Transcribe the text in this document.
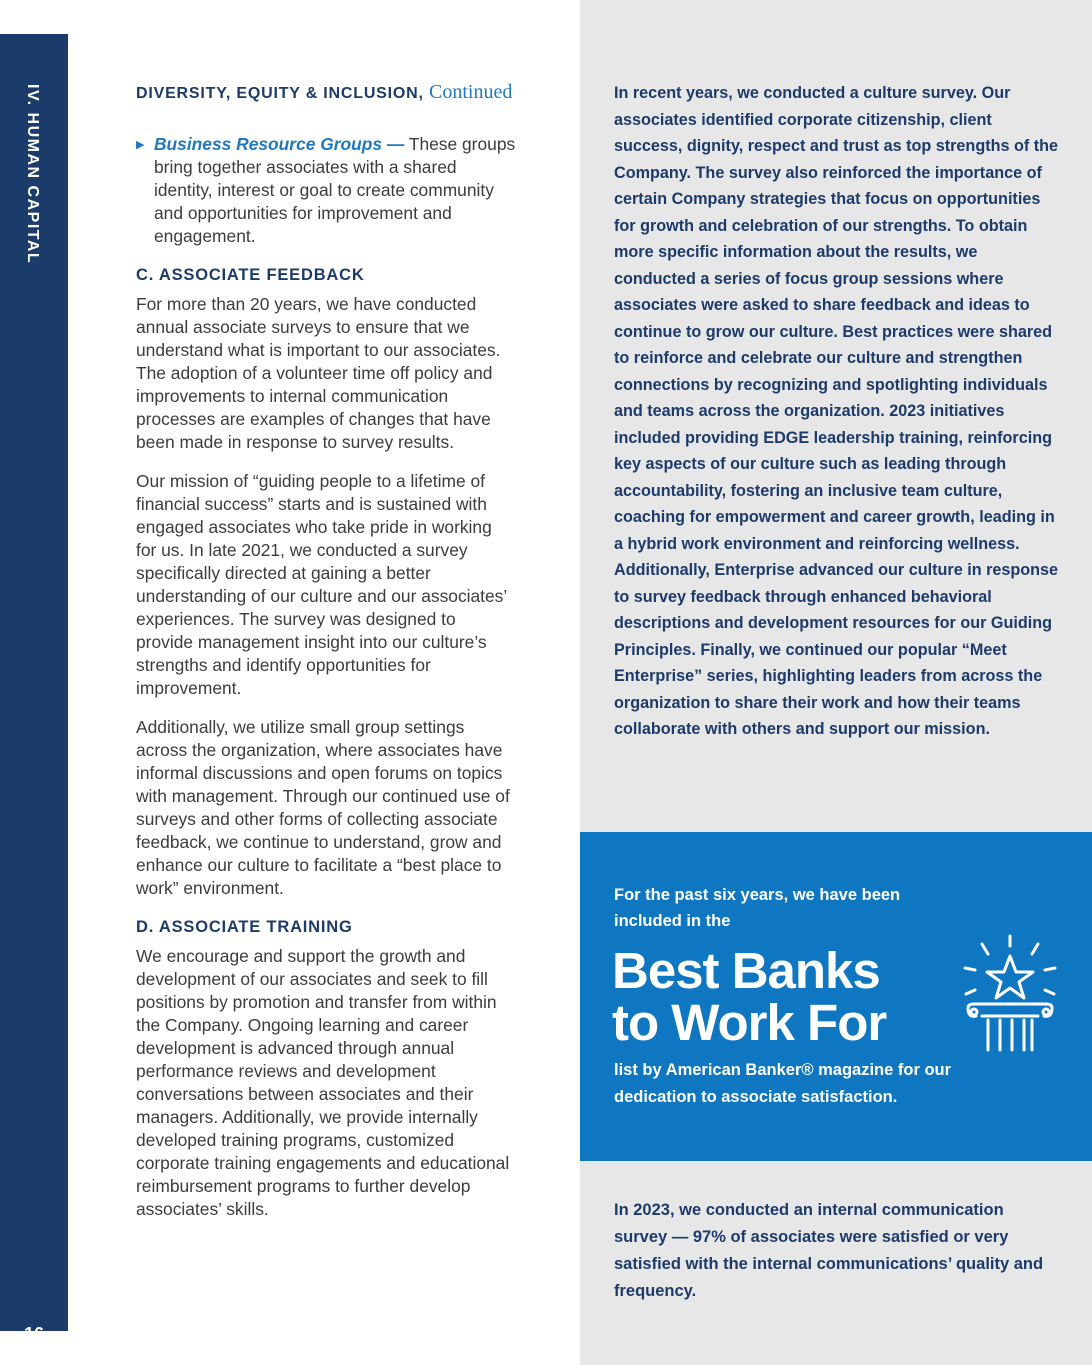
IV. HUMAN CAPITAL
16

DIVERSITY, EQUITY & INCLUSION, Continued

▶ Business Resource Groups — These groups bring together associates with a shared identity, interest or goal to create community and opportunities for improvement and engagement.

C. ASSOCIATE FEEDBACK

For more than 20 years, we have conducted annual associate surveys to ensure that we understand what is important to our associates. The adoption of a volunteer time off policy and improvements to internal communication processes are examples of changes that have been made in response to survey results.

Our mission of “guiding people to a lifetime of financial success” starts and is sustained with engaged associates who take pride in working for us. In late 2021, we conducted a survey specifically directed at gaining a better understanding of our culture and our associates’ experiences. The survey was designed to provide management insight into our culture’s strengths and identify opportunities for improvement.

Additionally, we utilize small group settings across the organization, where associates have informal discussions and open forums on topics with management. Through our continued use of surveys and other forms of collecting associate feedback, we continue to understand, grow and enhance our culture to facilitate a “best place to work” environment.

D. ASSOCIATE TRAINING

We encourage and support the growth and development of our associates and seek to fill positions by promotion and transfer from within the Company. Ongoing learning and career development is advanced through annual performance reviews and development conversations between associates and their managers. Additionally, we provide internally developed training programs, customized corporate training engagements and educational reimbursement programs to further develop associates’ skills.

In recent years, we conducted a culture survey. Our associates identified corporate citizenship, client success, dignity, respect and trust as top strengths of the Company. The survey also reinforced the importance of certain Company strategies that focus on opportunities for growth and celebration of our strengths. To obtain more specific information about the results, we conducted a series of focus group sessions where associates were asked to share feedback and ideas to continue to grow our culture. Best practices were shared to reinforce and celebrate our culture and strengthen connections by recognizing and spotlighting individuals and teams across the organization. 2023 initiatives included providing EDGE leadership training, reinforcing key aspects of our culture such as leading through accountability, fostering an inclusive team culture, coaching for empowerment and career growth, leading in a hybrid work environment and reinforcing wellness. Additionally, Enterprise advanced our culture in response to survey feedback through enhanced behavioral descriptions and development resources for our Guiding Principles. Finally, we continued our popular “Meet Enterprise” series, highlighting leaders from across the organization to share their work and how their teams collaborate with others and support our mission.
For the past six years, we have been included in the
Best Banks
to Work For
list by American Banker® magazine for our dedication to associate satisfaction.
In 2023, we conducted an internal communication survey — 97% of associates were satisfied or very satisfied with the internal communications’ quality and frequency.
